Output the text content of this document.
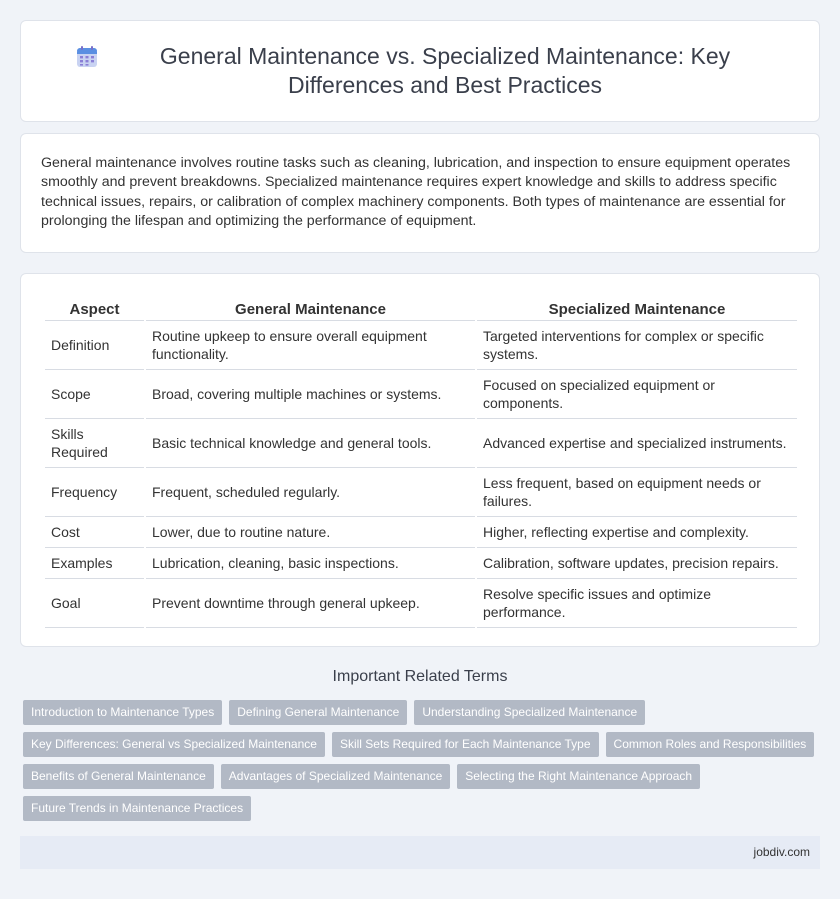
General Maintenance vs. Specialized Maintenance: Key Differences and Best Practices

General maintenance involves routine tasks such as cleaning, lubrication, and inspection to ensure equipment operates smoothly and prevent breakdowns. Specialized maintenance requires expert knowledge and skills to address specific technical issues, repairs, or calibration of complex machinery components. Both types of maintenance are essential for prolonging the lifespan and optimizing the performance of equipment.

Aspect	General Maintenance	Specialized Maintenance
Definition	Routine upkeep to ensure overall equipment functionality.	Targeted interventions for complex or specific systems.
Scope	Broad, covering multiple machines or systems.	Focused on specialized equipment or components.
Skills Required	Basic technical knowledge and general tools.	Advanced expertise and specialized instruments.
Frequency	Frequent, scheduled regularly.	Less frequent, based on equipment needs or failures.
Cost	Lower, due to routine nature.	Higher, reflecting expertise and complexity.
Examples	Lubrication, cleaning, basic inspections.	Calibration, software updates, precision repairs.
Goal	Prevent downtime through general upkeep.	Resolve specific issues and optimize performance.
Important Related Terms
Introduction to Maintenance Types	Defining General Maintenance	Understanding Specialized Maintenance
Key Differences: General vs Specialized Maintenance	Skill Sets Required for Each Maintenance Type	Common Roles and Responsibilities
Benefits of General Maintenance	Advantages of Specialized Maintenance	Selecting the Right Maintenance Approach
Future Trends in Maintenance Practices
jobdiv.com
